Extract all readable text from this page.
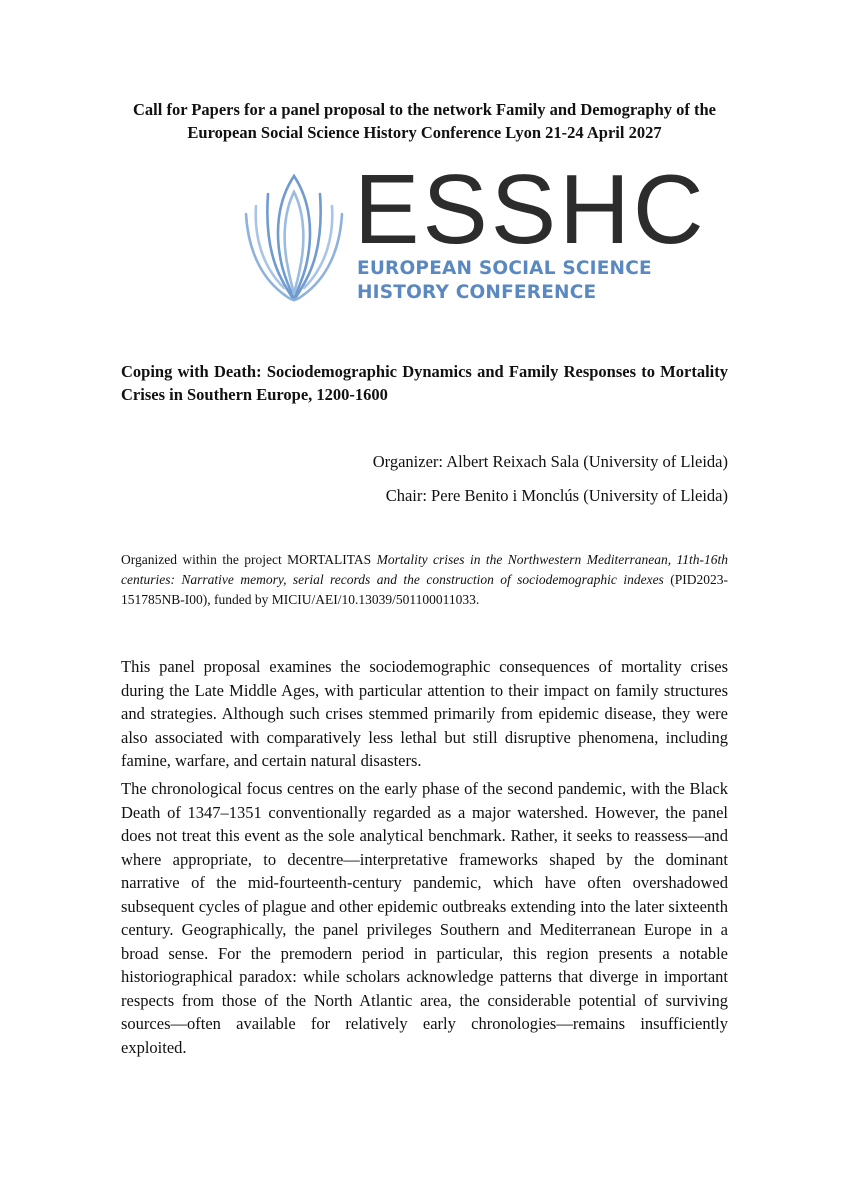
Call for Papers for a panel proposal to the network Family and Demography of the
European Social Science History Conference Lyon 21-24 April 2027
ESSHC
EUROPEAN SOCIAL SCIENCE
HISTORY CONFERENCE
Coping with Death: Sociodemographic Dynamics and Family Responses to Mortality Crises in Southern Europe, 1200-1600
Organizer: Albert Reixach Sala (University of Lleida)
Chair: Pere Benito i Monclús (University of Lleida)
Organized within the project MORTALITAS Mortality crises in the Northwestern Mediterranean, 11th-16th centuries: Narrative memory, serial records and the construction of sociodemographic indexes (PID2023-151785NB-I00), funded by MICIU/AEI/10.13039/501100011033.

This panel proposal examines the sociodemographic consequences of mortality crises during the Late Middle Ages, with particular attention to their impact on family structures and strategies. Although such crises stemmed primarily from epidemic disease, they were also associated with comparatively less lethal but still disruptive phenomena, including famine, warfare, and certain natural disasters.

The chronological focus centres on the early phase of the second pandemic, with the Black Death of 1347–1351 conventionally regarded as a major watershed. However, the panel does not treat this event as the sole analytical benchmark. Rather, it seeks to reassess—and where appropriate, to decentre—interpretative frameworks shaped by the dominant narrative of the mid-fourteenth-century pandemic, which have often overshadowed subsequent cycles of plague and other epidemic outbreaks extending into the later sixteenth century. Geographically, the panel privileges Southern and Mediterranean Europe in a broad sense. For the premodern period in particular, this region presents a notable historiographical paradox: while scholars acknowledge patterns that diverge in important respects from those of the North Atlantic area, the considerable potential of surviving sources—often available for relatively early chronologies—remains insufficiently exploited.
